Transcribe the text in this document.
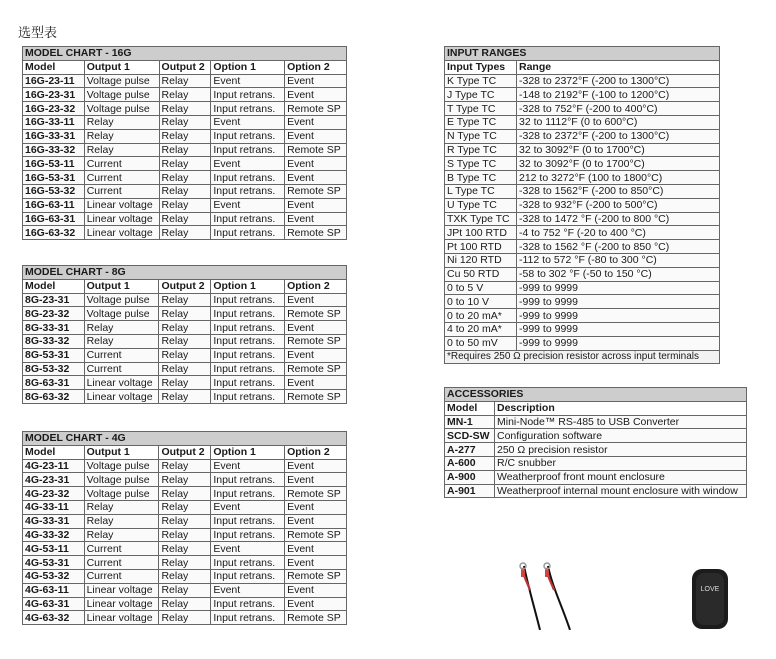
选型表
MODEL CHART - 16G				
Model	Output 1	Output 2	Option 1	Option 2
16G-23-11	Voltage pulse	Relay	Event	Event
16G-23-31	Voltage pulse	Relay	Input retrans.	Event
16G-23-32	Voltage pulse	Relay	Input retrans.	Remote SP
16G-33-11	Relay	Relay	Event	Event
16G-33-31	Relay	Relay	Input retrans.	Event
16G-33-32	Relay	Relay	Input retrans.	Remote SP
16G-53-11	Current	Relay	Event	Event
16G-53-31	Current	Relay	Input retrans.	Event
16G-53-32	Current	Relay	Input retrans.	Remote SP
16G-63-11	Linear voltage	Relay	Event	Event
16G-63-31	Linear voltage	Relay	Input retrans.	Event
16G-63-32	Linear voltage	Relay	Input retrans.	Remote SP
MODEL CHART - 8G				
Model	Output 1	Output 2	Option 1	Option 2
8G-23-31	Voltage pulse	Relay	Input retrans.	Event
8G-23-32	Voltage pulse	Relay	Input retrans.	Remote SP
8G-33-31	Relay	Relay	Input retrans.	Event
8G-33-32	Relay	Relay	Input retrans.	Remote SP
8G-53-31	Current	Relay	Input retrans.	Event
8G-53-32	Current	Relay	Input retrans.	Remote SP
8G-63-31	Linear voltage	Relay	Input retrans.	Event
8G-63-32	Linear voltage	Relay	Input retrans.	Remote SP
MODEL CHART - 4G				
Model	Output 1	Output 2	Option 1	Option 2
4G-23-11	Voltage pulse	Relay	Event	Event
4G-23-31	Voltage pulse	Relay	Input retrans.	Event
4G-23-32	Voltage pulse	Relay	Input retrans.	Remote SP
4G-33-11	Relay	Relay	Event	Event
4G-33-31	Relay	Relay	Input retrans.	Event
4G-33-32	Relay	Relay	Input retrans.	Remote SP
4G-53-11	Current	Relay	Event	Event
4G-53-31	Current	Relay	Input retrans.	Event
4G-53-32	Current	Relay	Input retrans.	Remote SP
4G-63-11	Linear voltage	Relay	Event	Event
4G-63-31	Linear voltage	Relay	Input retrans.	Event
4G-63-32	Linear voltage	Relay	Input retrans.	Remote SP
INPUT RANGES	
Input Types	Range
K Type TC	-328 to 2372°F (-200 to 1300°C)
J Type TC	-148 to 2192°F (-100 to 1200°C)
T Type TC	-328 to 752°F (-200 to 400°C)
E Type TC	32 to 1112°F (0 to 600°C)
N Type TC	-328 to 2372°F (-200 to 1300°C)
R Type TC	32 to 3092°F (0 to 1700°C)
S Type TC	32 to 3092°F (0 to 1700°C)
B Type TC	212 to 3272°F (100 to 1800°C)
L Type TC	-328 to 1562°F (-200 to 850°C)
U Type TC	-328 to 932°F (-200 to 500°C)
TXK Type TC	-328 to 1472 °F (-200 to 800 °C)
JPt 100 RTD	-4 to 752 °F (-20 to 400 °C)
Pt 100 RTD	-328 to 1562 °F (-200 to 850 °C)
Ni 120 RTD	-112 to 572 °F (-80 to 300 °C)
Cu 50 RTD	-58 to 302 °F (-50 to 150 °C)
0 to 5 V	-999 to 9999
0 to 10 V	-999 to 9999
0 to 20 mA*	-999 to 9999
4 to 20 mA*	-999 to 9999
0 to 50 mV	-999 to 9999
*Requires 250 Ω precision resistor across input terminals	
ACCESSORIES	
Model	Description
MN-1	Mini-Node™ RS-485 to USB Converter
SCD-SW	Configuration software
A-277	250 Ω precision resistor
A-600	R/C snubber
A-900	Weatherproof front mount enclosure
A-901	Weatherproof internal mount enclosure with window
LOVE
